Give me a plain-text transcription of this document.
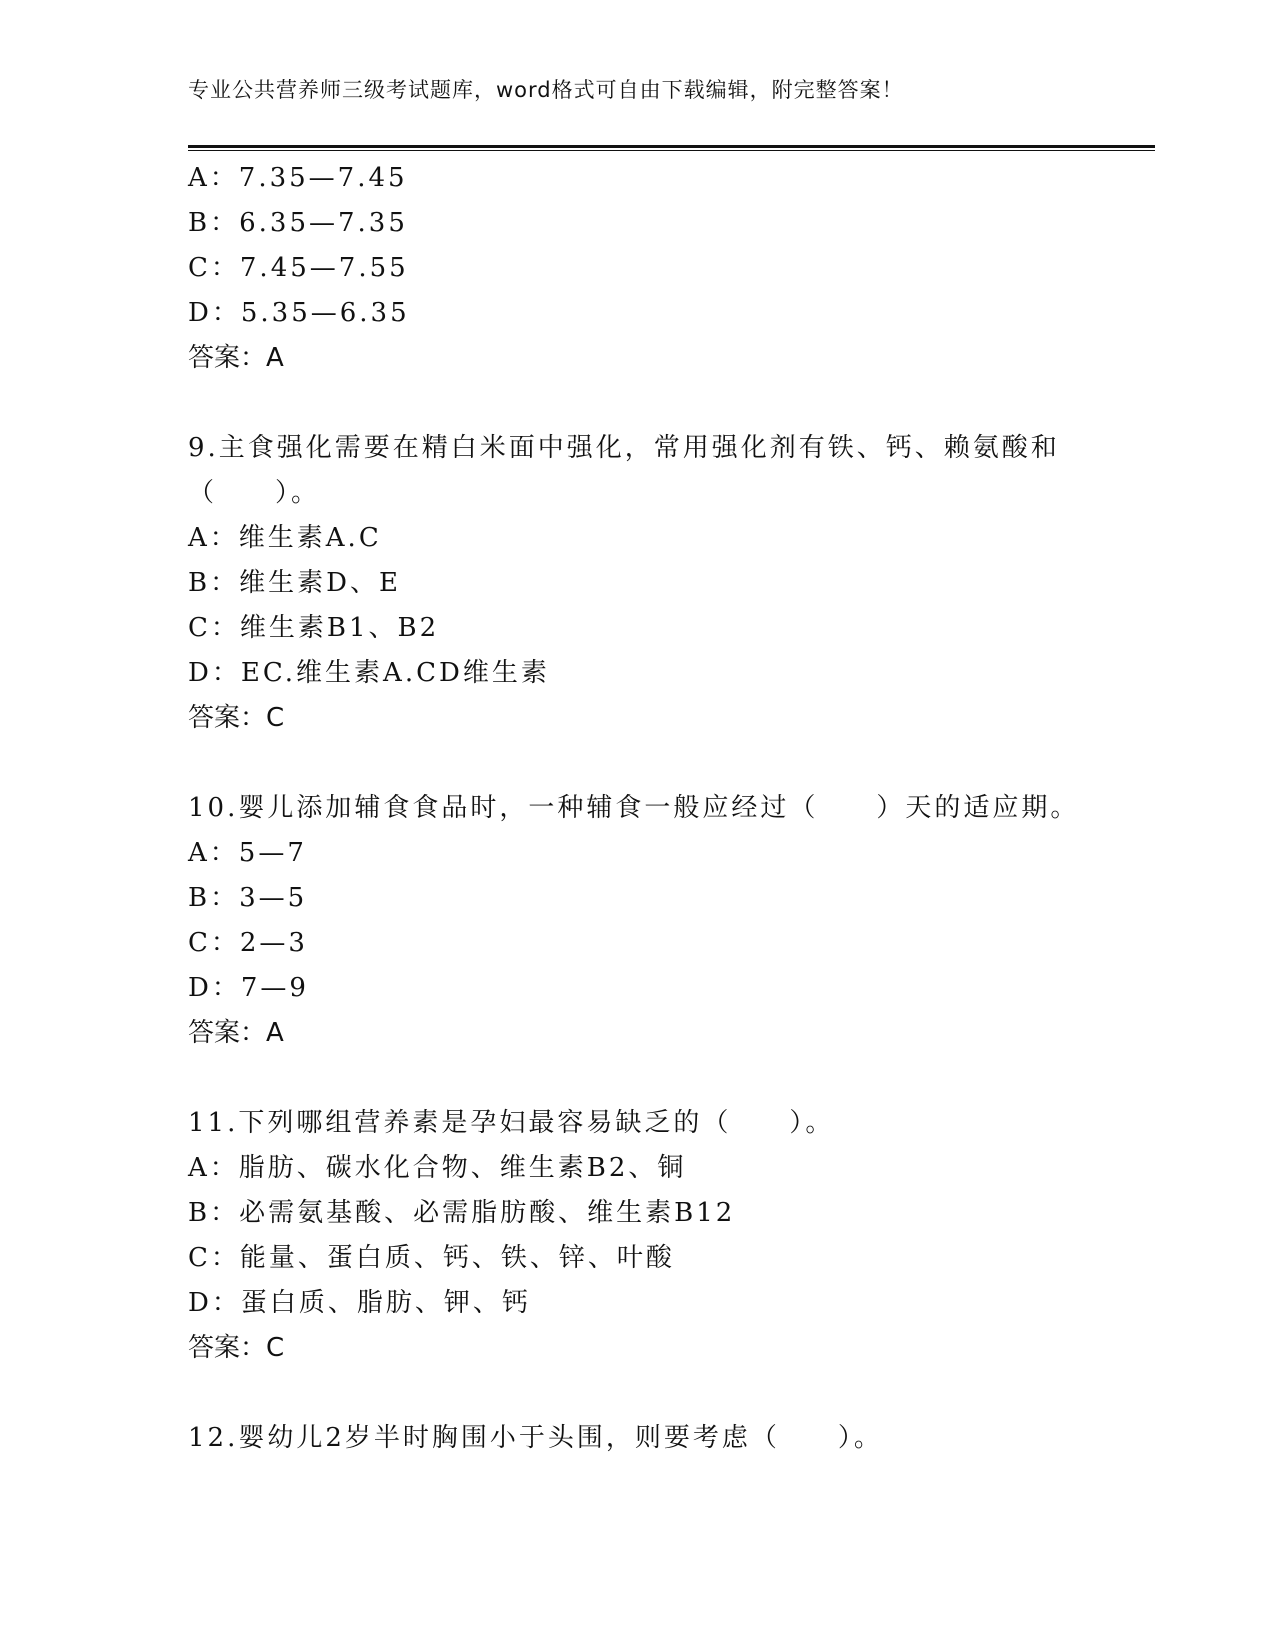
专业公共营养师三级考试题库，word格式可自由下载编辑，附完整答案！
A：7.35—7.45
B：6.35—7.35
C：7.45—7.55
D：5.35—6.35
答案：A
9.主食强化需要在精白米面中强化，常用强化剂有铁、钙、赖氨酸和
（　　）。
A：维生素A.C
B：维生素D、E
C：维生素B1、B2
D：EC.维生素A.CD维生素
答案：C
10.婴儿添加辅食食品时，一种辅食一般应经过（　　）天的适应期。
A：5—7
B：3—5
C：2—3
D：7—9
答案：A
11.下列哪组营养素是孕妇最容易缺乏的（　　）。
A：脂肪、碳水化合物、维生素B2、铜
B：必需氨基酸、必需脂肪酸、维生素B12
C：能量、蛋白质、钙、铁、锌、叶酸
D：蛋白质、脂肪、钾、钙
答案：C
12.婴幼儿2岁半时胸围小于头围，则要考虑（　　）。
